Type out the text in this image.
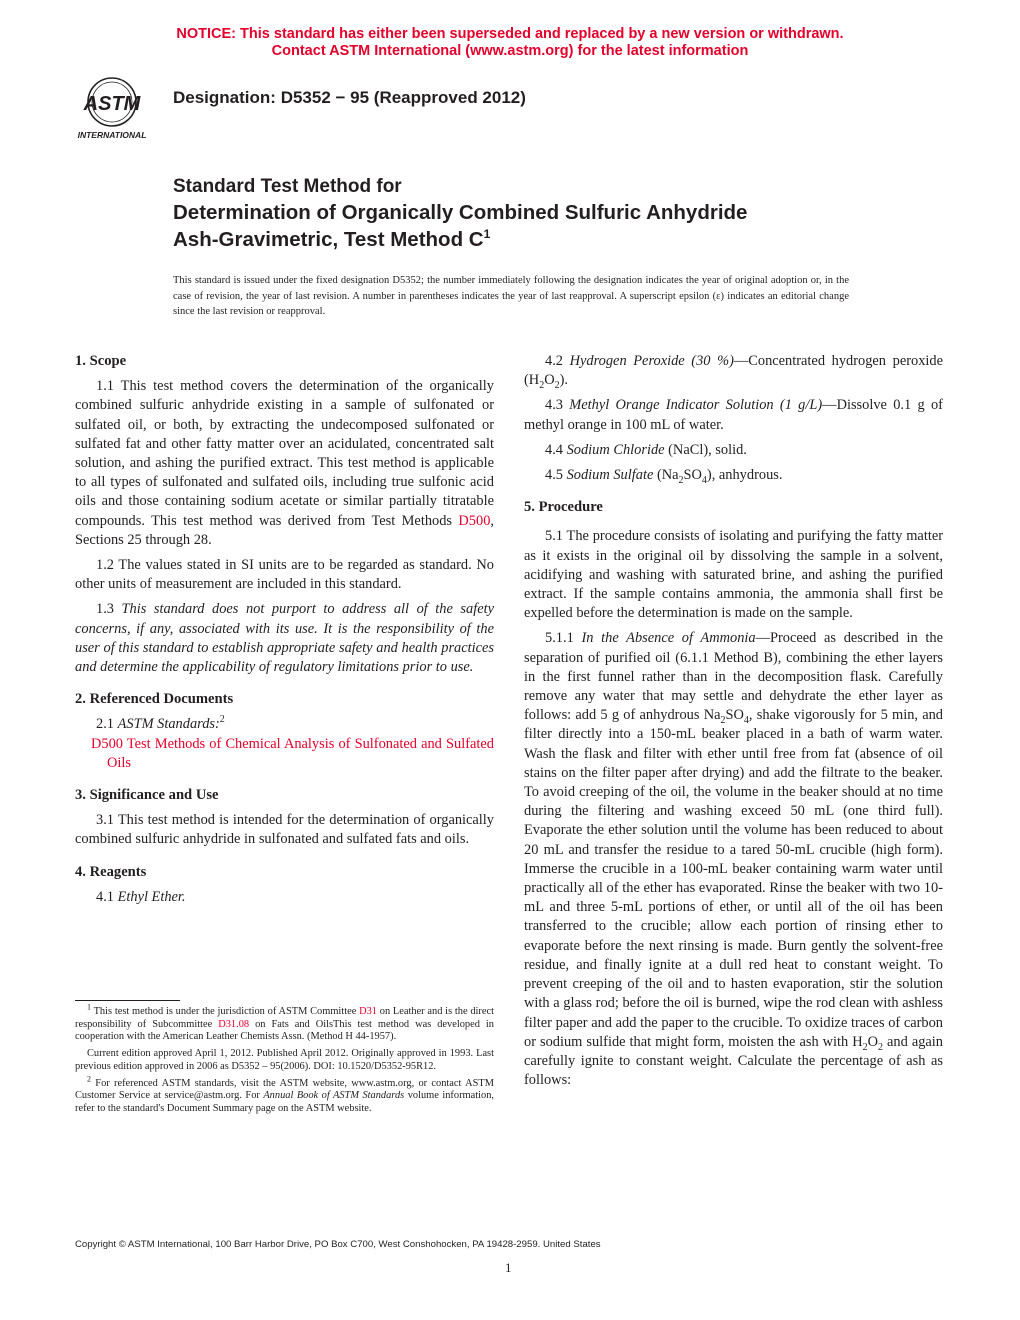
NOTICE: This standard has either been superseded and replaced by a new version or withdrawn.
Contact ASTM International (www.astm.org) for the latest information
ASTM
INTERNATIONAL
Designation: D5352 − 95 (Reapproved 2012)
Standard Test Method for
Determination of Organically Combined Sulfuric Anhydride
Ash-Gravimetric, Test Method $C^1$
This standard is issued under the fixed designation D5352; the number immediately following the designation indicates the year of original adoption or, in the case of revision, the year of last revision. A number in parentheses indicates the year of last reapproval. A superscript epsilon (ε) indicates an editorial change since the last revision or reapproval.
1. Scope

1.1 This test method covers the determination of the organically combined sulfuric anhydride existing in a sample of sulfonated or sulfated oil, or both, by extracting the undecomposed sulfonated or sulfated fat and other fatty matter over an acidulated, concentrated salt solution, and ashing the purified extract. This test method is applicable to all types of sulfonated and sulfated oils, including true sulfonic acid oils and those containing sodium acetate or similar partially titratable compounds. This test method was derived from Test Methods D500, Sections 25 through 28.

1.2 The values stated in SI units are to be regarded as standard. No other units of measurement are included in this standard.

1.3 This standard does not purport to address all of the safety concerns, if any, associated with its use. It is the responsibility of the user of this standard to establish appropriate safety and health practices and determine the applicability of regulatory limitations prior to use.

2. Referenced Documents

2.1 ASTM Standards:$^2$

D500 Test Methods of Chemical Analysis of Sulfonated and Sulfated Oils

3. Significance and Use

3.1 This test method is intended for the determination of organically combined sulfuric anhydride in sulfonated and sulfated fats and oils.

4. Reagents

4.1 Ethyl Ether.

4.2 Hydrogen Peroxide (30 %)—Concentrated hydrogen peroxide $(H_2O_2)$.

4.3 Methyl Orange Indicator Solution (1 g/L)—Dissolve 0.1 g of methyl orange in 100 mL of water.

4.4 Sodium Chloride (NaCl), solid.

4.5 Sodium Sulfate $(Na_2SO_4)$, anhydrous.

5. Procedure

5.1 The procedure consists of isolating and purifying the fatty matter as it exists in the original oil by dissolving the sample in a solvent, acidifying and washing with saturated brine, and ashing the purified extract. If the sample contains ammonia, the ammonia shall first be expelled before the determination is made on the sample.

5.1.1 In the Absence of Ammonia—Proceed as described in the separation of purified oil (6.1.1 Method B), combining the ether layers in the first funnel rather than in the decomposition flask. Carefully remove any water that may settle and dehydrate the ether layer as follows: add 5 g of anhydrous $Na_2SO_4$, shake vigorously for 5 min, and filter directly into a 150-mL beaker placed in a bath of warm water. Wash the flask and filter with ether until free from fat (absence of oil stains on the filter paper after drying) and add the filtrate to the beaker. To avoid creeping of the oil, the volume in the beaker should at no time during the filtering and washing exceed 50 mL (one third full). Evaporate the ether solution until the volume has been reduced to about 20 mL and transfer the residue to a tared 50-mL crucible (high form). Immerse the crucible in a 100-mL beaker containing warm water until practically all of the ether has evaporated. Rinse the beaker with two 10-mL and three 5-mL portions of ether, or until all of the oil has been transferred to the crucible; allow each portion of rinsing ether to evaporate before the next rinsing is made. Burn gently the solvent-free residue, and finally ignite at a dull red heat to constant weight. To prevent creeping of the oil and to hasten evaporation, stir the solution with a glass rod; before the oil is burned, wipe the rod clean with ashless filter paper and add the paper to the crucible. To oxidize traces of carbon or sodium sulfide that might form, moisten the ash with $H_2O_2$ and again carefully ignite to constant weight. Calculate the percentage of ash as follows:

$^1$ This test method is under the jurisdiction of ASTM Committee D31 on Leather and is the direct responsibility of Subcommittee D31.08 on Fats and OilsThis test method was developed in cooperation with the American Leather Chemists Assn. (Method H 44-1957).

Current edition approved April 1, 2012. Published April 2012. Originally approved in 1993. Last previous edition approved in 2006 as D5352 – 95(2006). DOI: 10.1520/D5352-95R12.

$^2$ For referenced ASTM standards, visit the ASTM website, www.astm.org, or contact ASTM Customer Service at service@astm.org. For Annual Book of ASTM Standards volume information, refer to the standard's Document Summary page on the ASTM website.

Copyright © ASTM International, 100 Barr Harbor Drive, PO Box C700, West Conshohocken, PA 19428-2959. United States
1
